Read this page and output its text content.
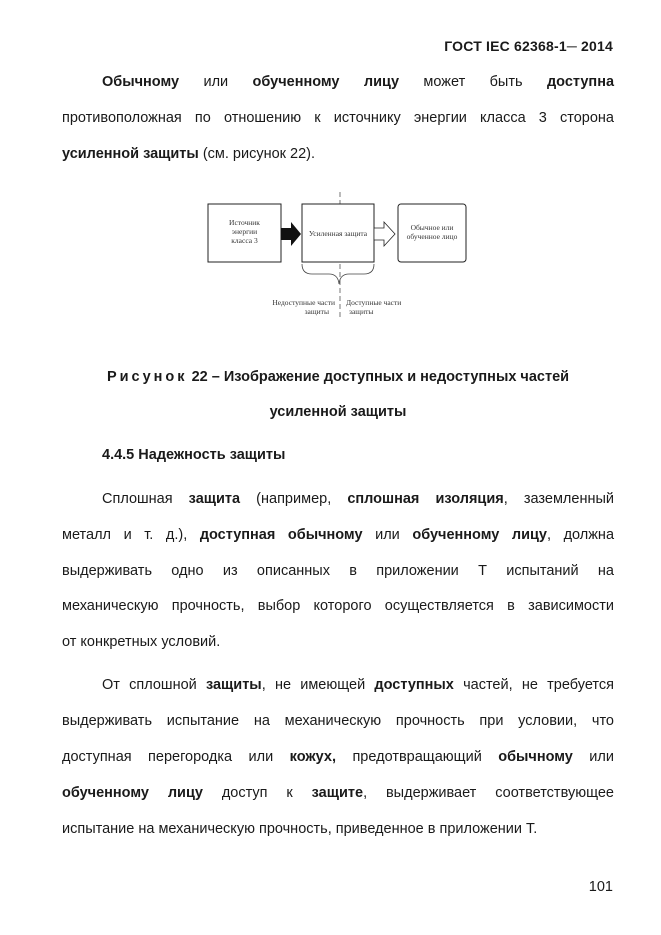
ГОСТ IEC 62368-1─ 2014
Обычному или обученному лицу может быть доступна
противоположная по отношению к источнику энергии класса 3 сторона
усиленной защиты (см. рисунок 22).
Источник
энергии
класса 3
Усиленная защита
Обычное или
обученное лицо
Недоступные части
защиты
Доступные части
защиты
Рисунок 22 – Изображение доступных и недоступных частей
усиленной защиты
4.4.5 Надежность защиты
Сплошная защита (например, сплошная изоляция, заземленный
металл и т. д.), доступная обычному или обученному лицу, должна
выдерживать одно из описанных в приложении Т испытаний на
механическую прочность, выбор которого осуществляется в зависимости
от конкретных условий.
От сплошной защиты, не имеющей доступных частей, не требуется
выдерживать испытание на механическую прочность при условии, что
доступная перегородка или кожух, предотвращающий обычному или
обученному лицу доступ к защите, выдерживает соответствующее
испытание на механическую прочность, приведенное в приложении Т.
101
